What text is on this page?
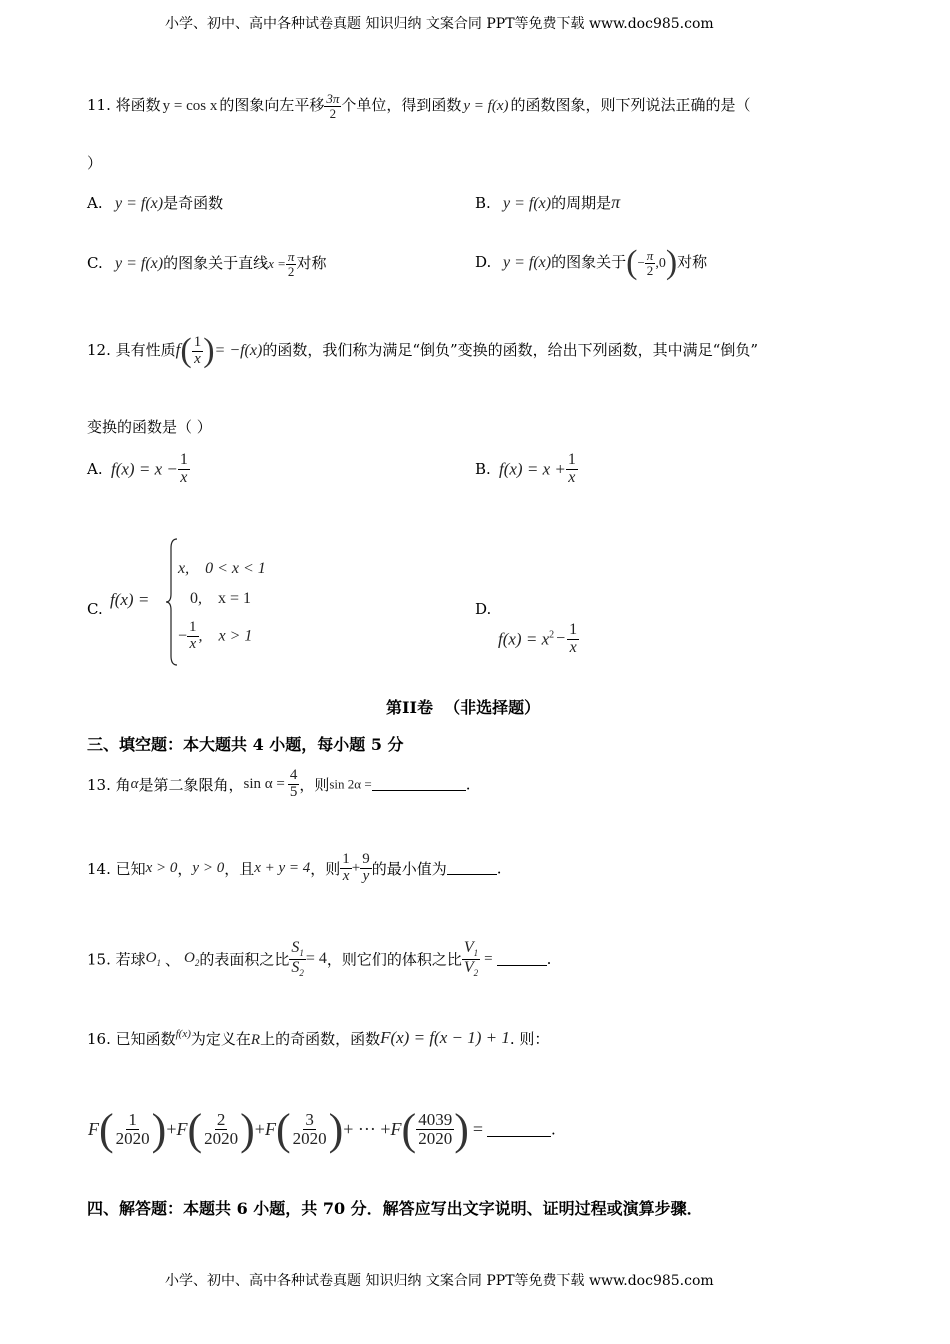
小学、初中、高中各种试卷真题 知识归纳 文案合同 PPT等免费下载 www.doc985.com
小学、初中、高中各种试卷真题 知识归纳 文案合同 PPT等免费下载 www.doc985.com
11. 将函数 y = cos x 的图象向左平移 $\frac{3\pi}{2}$ 个单位，得到函数 y = f(x) 的函数图象，则下列说法正确的是（
）
A. y = f(x)是奇函数	B. y = f(x)的周期是π
C. y = f(x)的图象关于直线$x = \frac{\pi}{2}$ 对称	D. y = f(x)的图象关于(− $\frac{\pi}{2} ,0$)对称
12. 具有性质$f( \frac{1}{x}$ )= −f(x)的函数，我们称为满足“倒负”变换的函数，给出下列函数，其中满足“倒负”
变换的函数是（ ）
A. $f(x) = x - \frac{1}{x}$	B. $f(x) = x + \frac{1}{x}$
C. f(x) =
x,    0 < x < 1
0,    x = 1
− $\frac{1}{x}$ ,    x > 1
D.
$f(x) = x^2 - \frac{1}{x}$
第II卷  （非选择题）
三、填空题：本大题共 4 小题，每小题 5 分
13. 角α是第二象限角，$\sin \alpha = \frac{4}{5}$ ，则sin 2α =	.
14. 已知x > 0，y > 0，且x + y = 4，则 $\frac{1}{x} + \frac{9}{y}$ 的最小值为	.
15. 若球$O_1$ 、 $O_2$的表面积之比 $\frac{S_1}{S_2} = 4$，则它们的体积之比 $\frac{V_1}{V_2}$ =	.
16. 已知函数$^{f(x)}$为定义在R上的奇函数，函数F(x) = f(x − 1) + 1. 则：
$F( \frac{1}{2020} )+F( \frac{2}{2020} )+F( \frac{3}{2020}$ )+ ··· $+F( \frac{4039}{2020}$ ) =	.
四、解答题：本题共 6 小题，共 70 分．解答应写出文字说明、证明过程或演算步骤．
